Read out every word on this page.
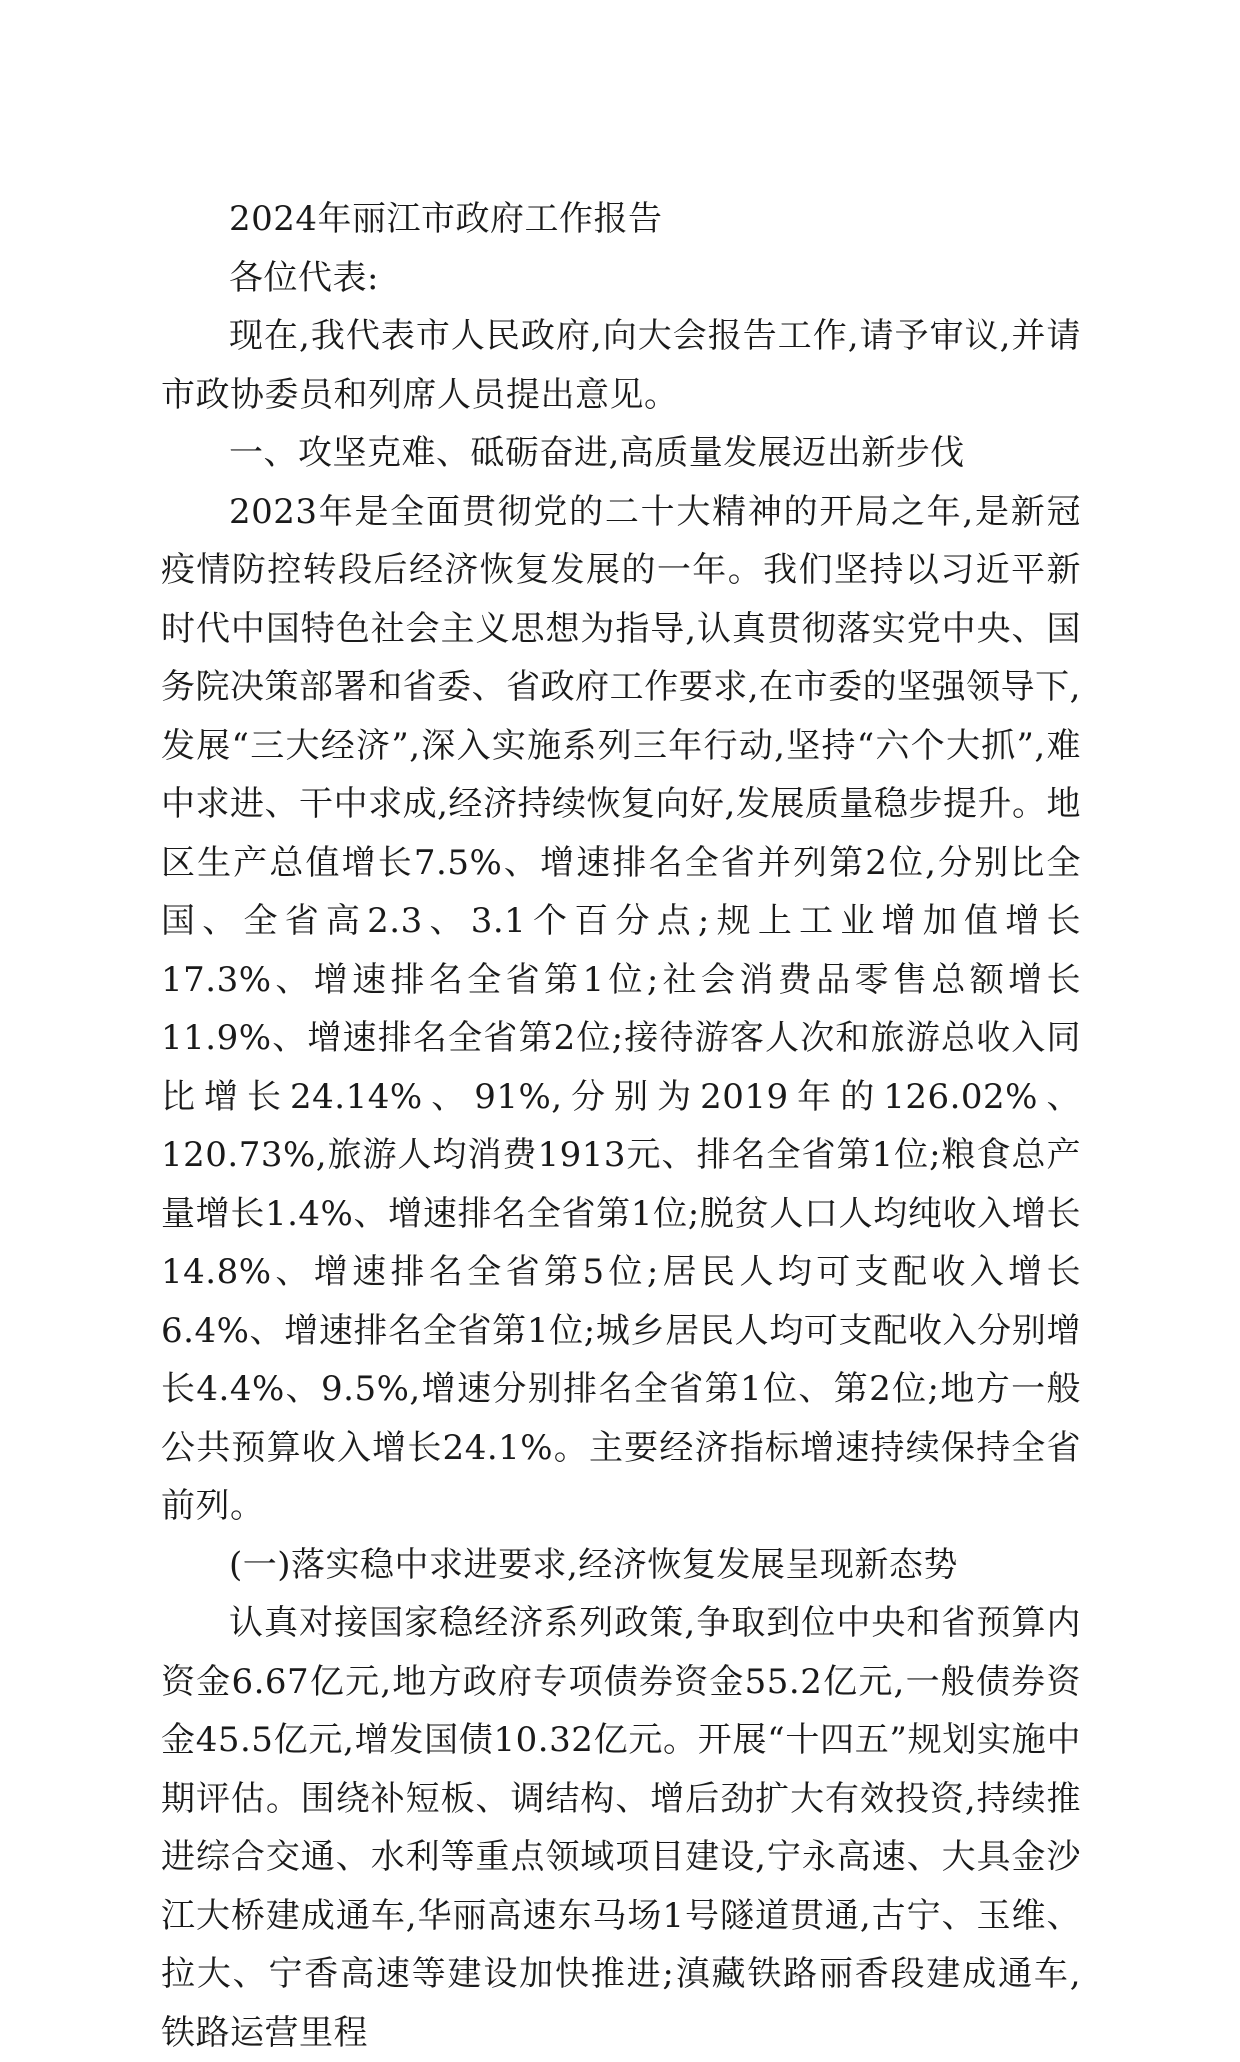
2024年丽江市政府工作报告

各位代表:

现在,我代表市人民政府,向大会报告工作,请予审议,并请市政协委员和列席人员提出意见。

一、攻坚克难、砥砺奋进,高质量发展迈出新步伐

2023年是全面贯彻党的二十大精神的开局之年,是新冠疫情防控转段后经济恢复发展的一年。我们坚持以习近平新时代中国特色社会主义思想为指导,认真贯彻落实党中央、国务院决策部署和省委、省政府工作要求,在市委的坚强领导下,发展“三大经济”,深入实施系列三年行动,坚持“六个大抓”,难中求进、干中求成,经济持续恢复向好,发展质量稳步提升。地区生产总值增长7.5%、增速排名全省并列第2位,分别比全国、全省高2.3、3.1个百分点;规上工业增加值增长17.3%、增速排名全省第1位;社会消费品零售总额增长11.9%、增速排名全省第2位;接待游客人次和旅游总收入同比增长24.14%、91%,分别为2019年的126.02%、120.73%,旅游人均消费1913元、排名全省第1位;粮食总产量增长1.4%、增速排名全省第1位;脱贫人口人均纯收入增长14.8%、增速排名全省第5位;居民人均可支配收入增长6.4%、增速排名全省第1位;城乡居民人均可支配收入分别增长4.4%、9.5%,增速分别排名全省第1位、第2位;地方一般公共预算收入增长24.1%。主要经济指标增速持续保持全省前列。

(一)落实稳中求进要求,经济恢复发展呈现新态势

认真对接国家稳经济系列政策,争取到位中央和省预算内资金6.67亿元,地方政府专项债券资金55.2亿元,一般债券资金45.5亿元,增发国债10.32亿元。开展“十四五”规划实施中期评估。围绕补短板、调结构、增后劲扩大有效投资,持续推进综合交通、水利等重点领域项目建设,宁永高速、大具金沙江大桥建成通车,华丽高速东马场1号隧道贯通,古宁、玉维、拉大、宁香高速等建设加快推进;滇藏铁路丽香段建成通车,铁路运营里程
